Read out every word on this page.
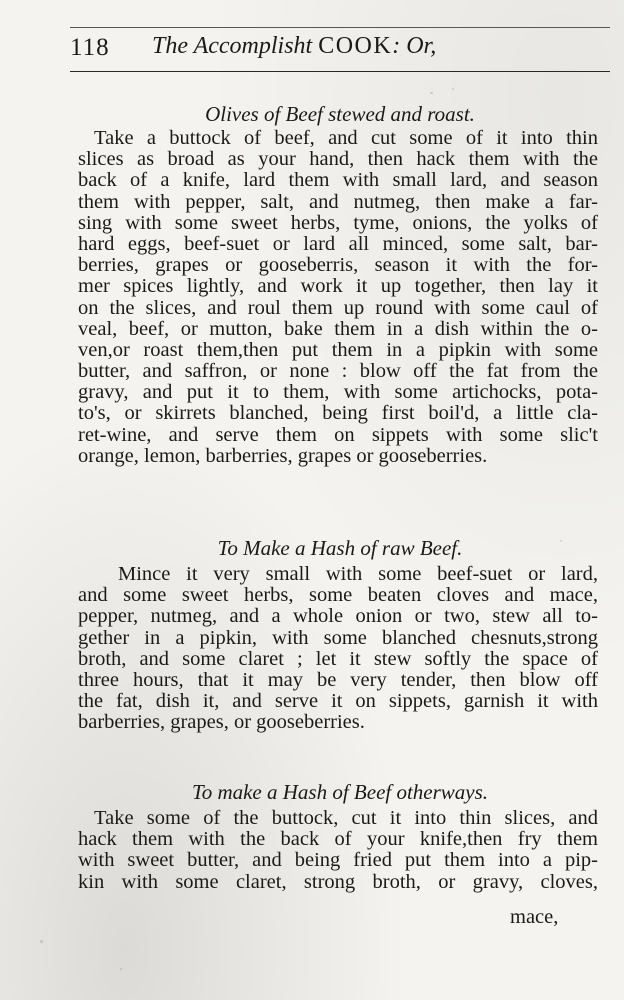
118 The Accomplisht COOK: Or,
Olives of Beef stewed and roast.
Take a buttock of beef, and cut some of it into thin
slices as broad as your hand, then hack them with the
back of a knife, lard them with small lard, and season
them with pepper, salt, and nutmeg, then make a far-
sing with some sweet herbs, tyme, onions, the yolks of
hard eggs, beef-suet or lard all minced, some salt, bar-
berries, grapes or gooseberris, season it with the for-
mer spices lightly, and work it up together, then lay it
on the slices, and roul them up round with some caul of
veal, beef, or mutton, bake them in a dish within the o-
ven,or roast them,then put them in a pipkin with some
butter, and saffron, or none : blow off the fat from the
gravy, and put it to them, with some artichocks, pota-
to's, or skirrets blanched, being first boil'd, a little cla-
ret-wine, and serve them on sippets with some slic't
orange, lemon, barberries, grapes or gooseberries.
To Make a Hash of raw Beef.
Mince it very small with some beef-suet or lard,
and some sweet herbs, some beaten cloves and mace,
pepper, nutmeg, and a whole onion or two, stew all to-
gether in a pipkin, with some blanched chesnuts,strong
broth, and some claret ; let it stew softly the space of
three hours, that it may be very tender, then blow off
the fat, dish it, and serve it on sippets, garnish it with
barberries, grapes, or gooseberries.
To make a Hash of Beef otherways.
Take some of the buttock, cut it into thin slices, and
hack them with the back of your knife,then fry them
with sweet butter, and being fried put them into a pip-
kin with some claret, strong broth, or gravy, cloves,
mace,
